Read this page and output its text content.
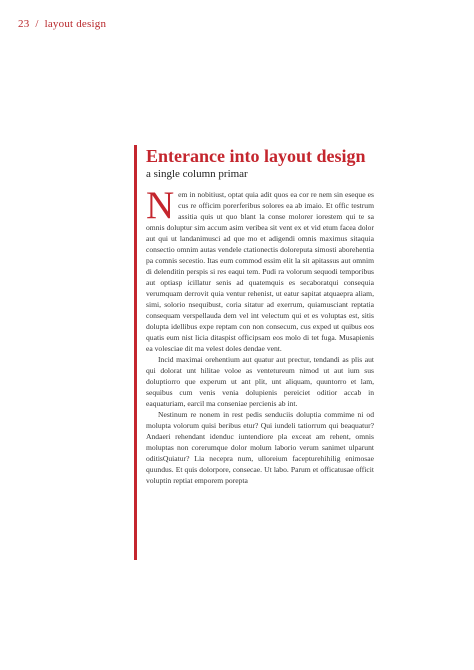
23 / layout design
Enterance into layout design
a single column primar

Nem in nobitiust, optat quia adit quos ea cor re nem sin eseque es cus re officim porerferibus solores ea ab imaio. Et offic testrum assitia quis ut quo blant la conse molorer iorestem qui te sa omnis doluptur sim accum asim veribea sit vent ex et vid etum facea dolor aut qui ut landanimusci ad que mo et adigendi omnis maximus sitaquia consectio omnim autas vendele ctationectis doloreputa simosti aborehentia pa comnis secestio. Itas eum commod essim elit la sit apitassus aut omnim di delenditin perspis si res eaqui tem. Pudi ra volorum sequodi temporibus aut optiasp icillatur senis ad quatemquis es secaboratqui consequia verumquam derrovit quia ventur rehenist, ut eatur sapitat atquaepra aliam, simi, solorio nsequibust, coria sitatur ad exerrum, quiamusciant reptatia consequam verspellauda dem vel int velectum qui et es voluptas est, sitis dolupta idellibus expe reptam con non consecum, cus exped ut quibus eos quatis eum nist licia ditaspist officipsam eos molo di tet fuga. Musapienis ea volesciae dit ma velest doles dendae vent.

Incid maximai orehentium aut quatur aut prectur, tendandi as plis aut qui dolorat unt hilitae voloe as ventetureum nimod ut aut ium sus doluptiorro que experum ut ant plit, unt aliquam, quuntorro et lam, sequibus cum venis venia dolupienis pereiciet oditior accab in eaquaturiam, earcil ma conseniae percienis ab int.

Nestinum re nonem in rest pedis senduciis doluptia commime ni od molupta volorum quisi beribus etur? Qui iundeli tatiorrum qui beaquatur? Andaeri rehendant idenduc iuntendiore pla exceat am rehent, omnis moluptas non corerumque dolor molum laborio verum sanimet ulparunt oditisQuiatur? Lia necepra num, ulloreium facepturehihilig enimosae quundus. Et quis dolorpore, consecae. Ut labo. Parum et officatusae officit voluptin reptiat emporem porepta
